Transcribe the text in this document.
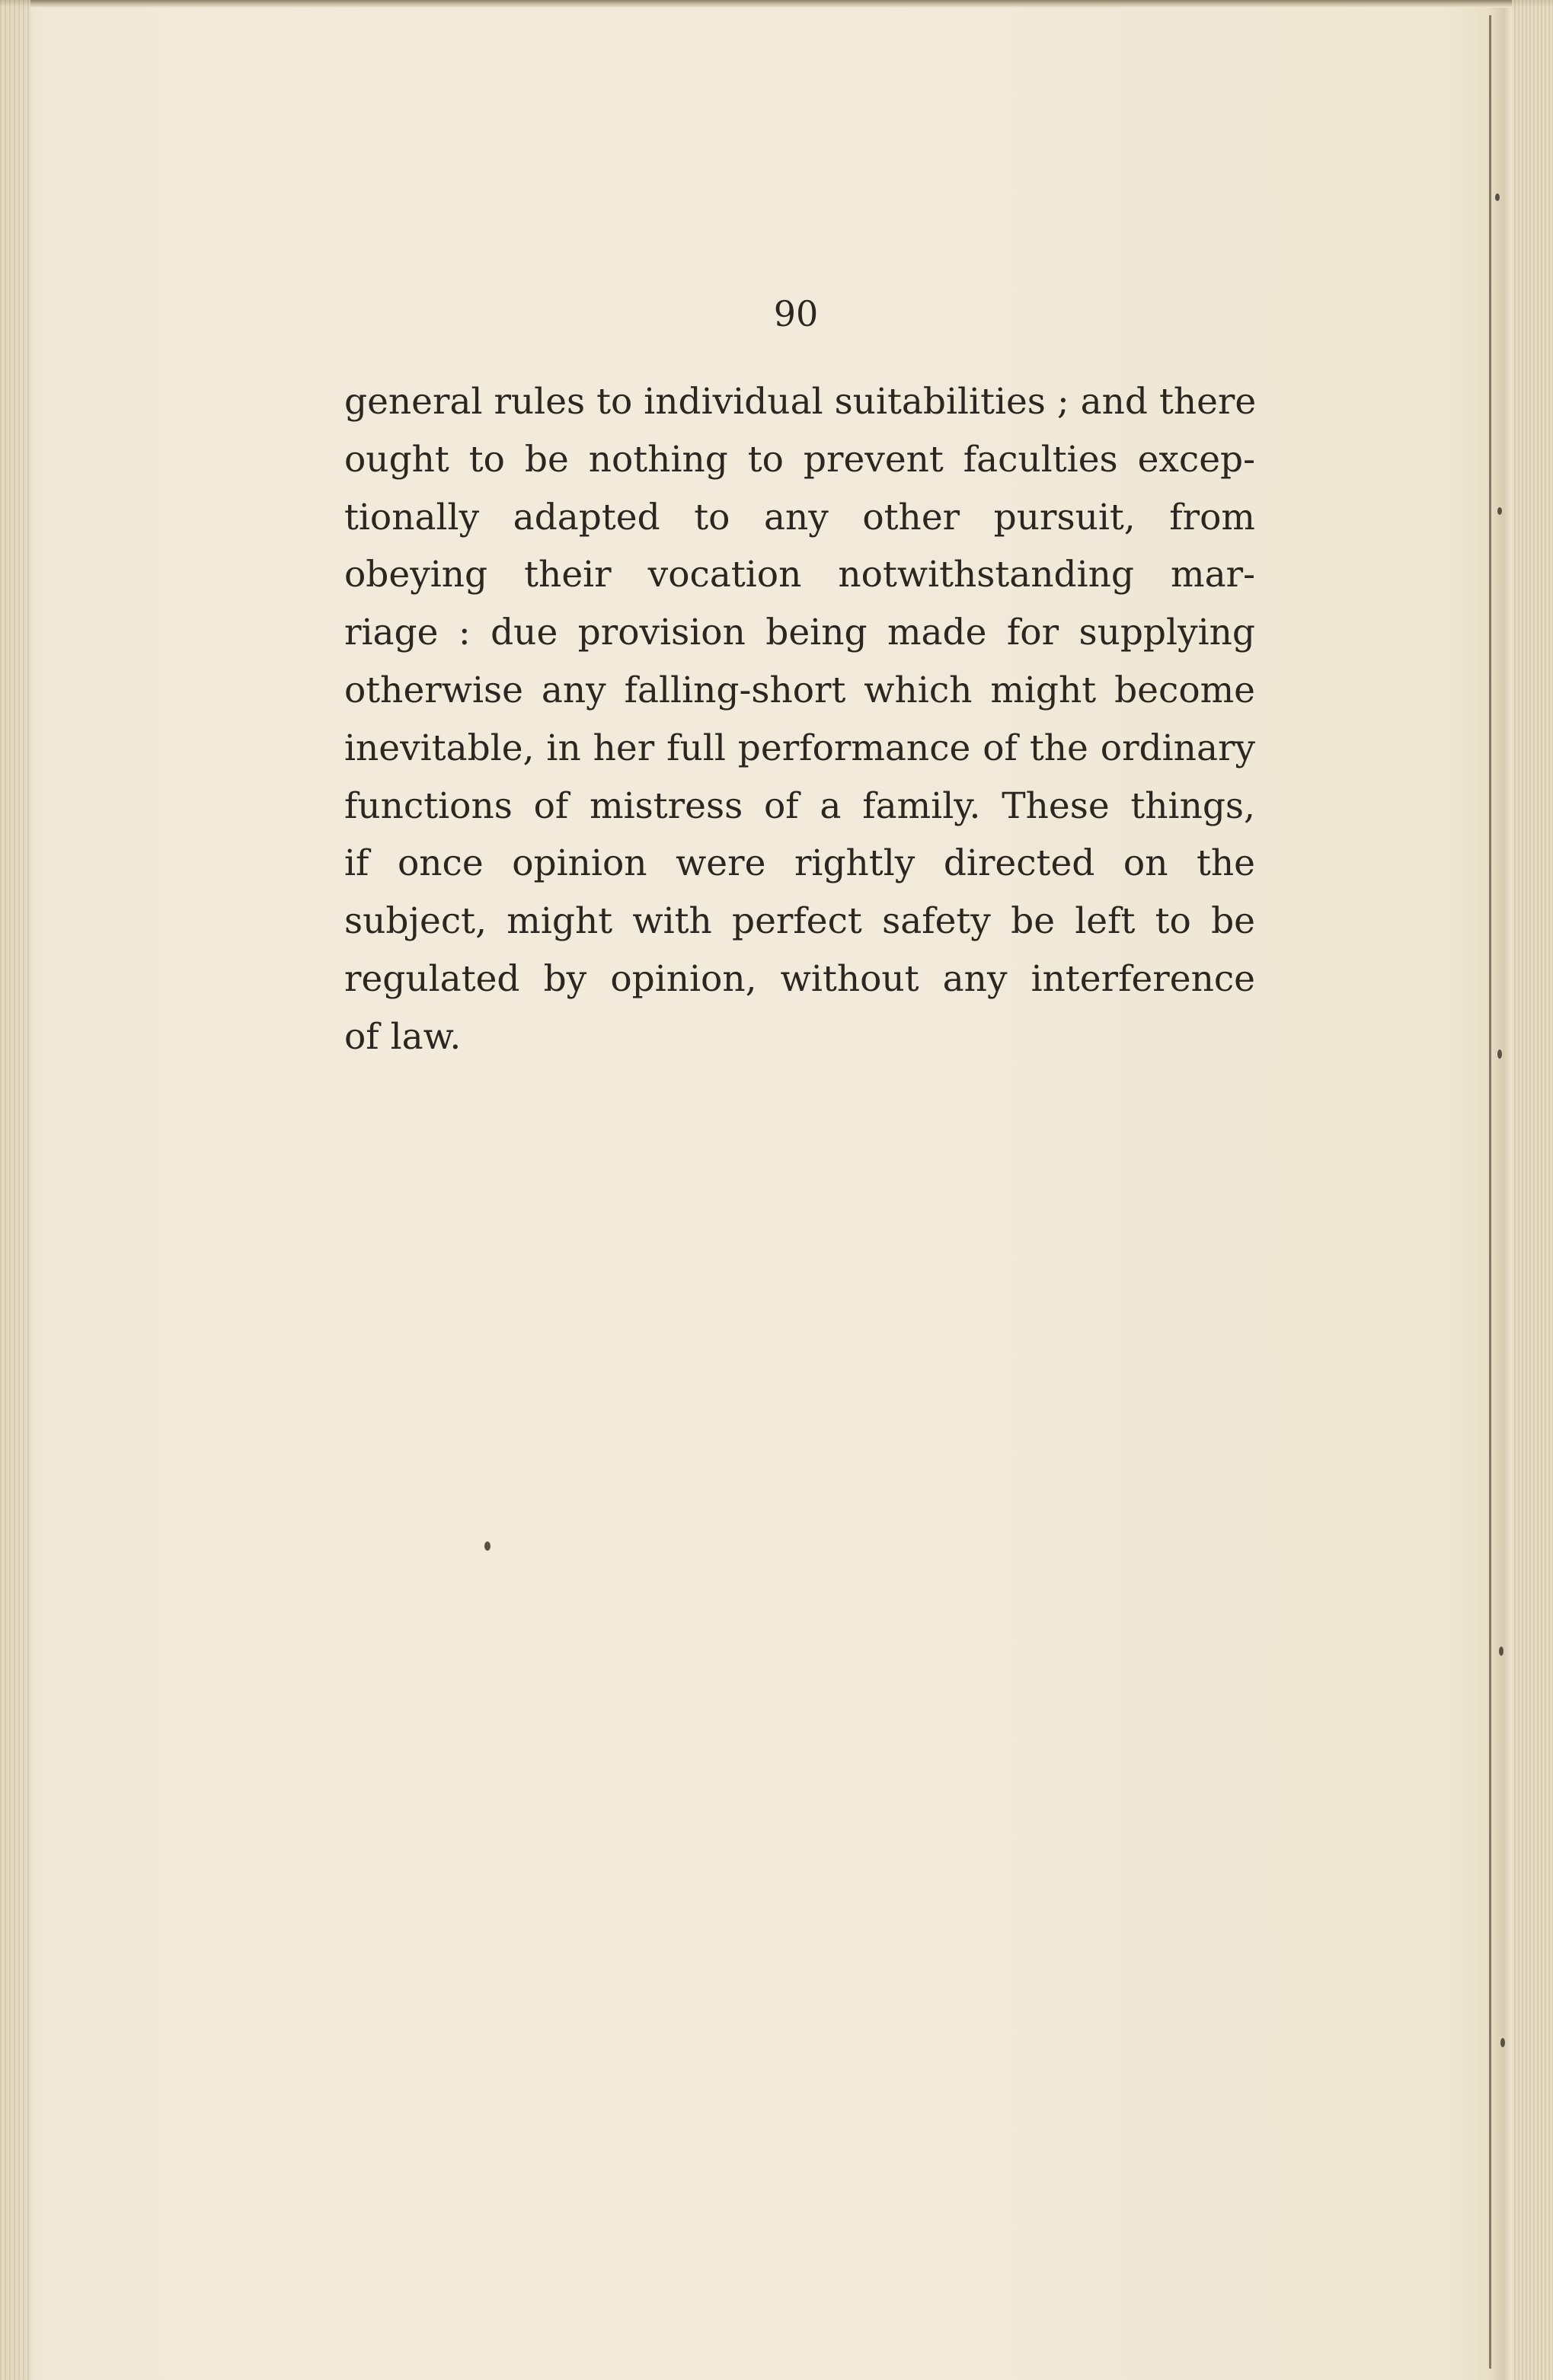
90
general rules to individual suitabilities ; and there
ought to be nothing to prevent faculties excep-
tionally adapted to any other pursuit, from
obeying their vocation notwithstanding mar-
riage : due provision being made for supplying
otherwise any falling-short which might become
inevitable, in her full performance of the ordinary
functions of mistress of a family. These things,
if once opinion were rightly directed on the
subject, might with perfect safety be left to be
regulated by opinion, without any interference
of law.
